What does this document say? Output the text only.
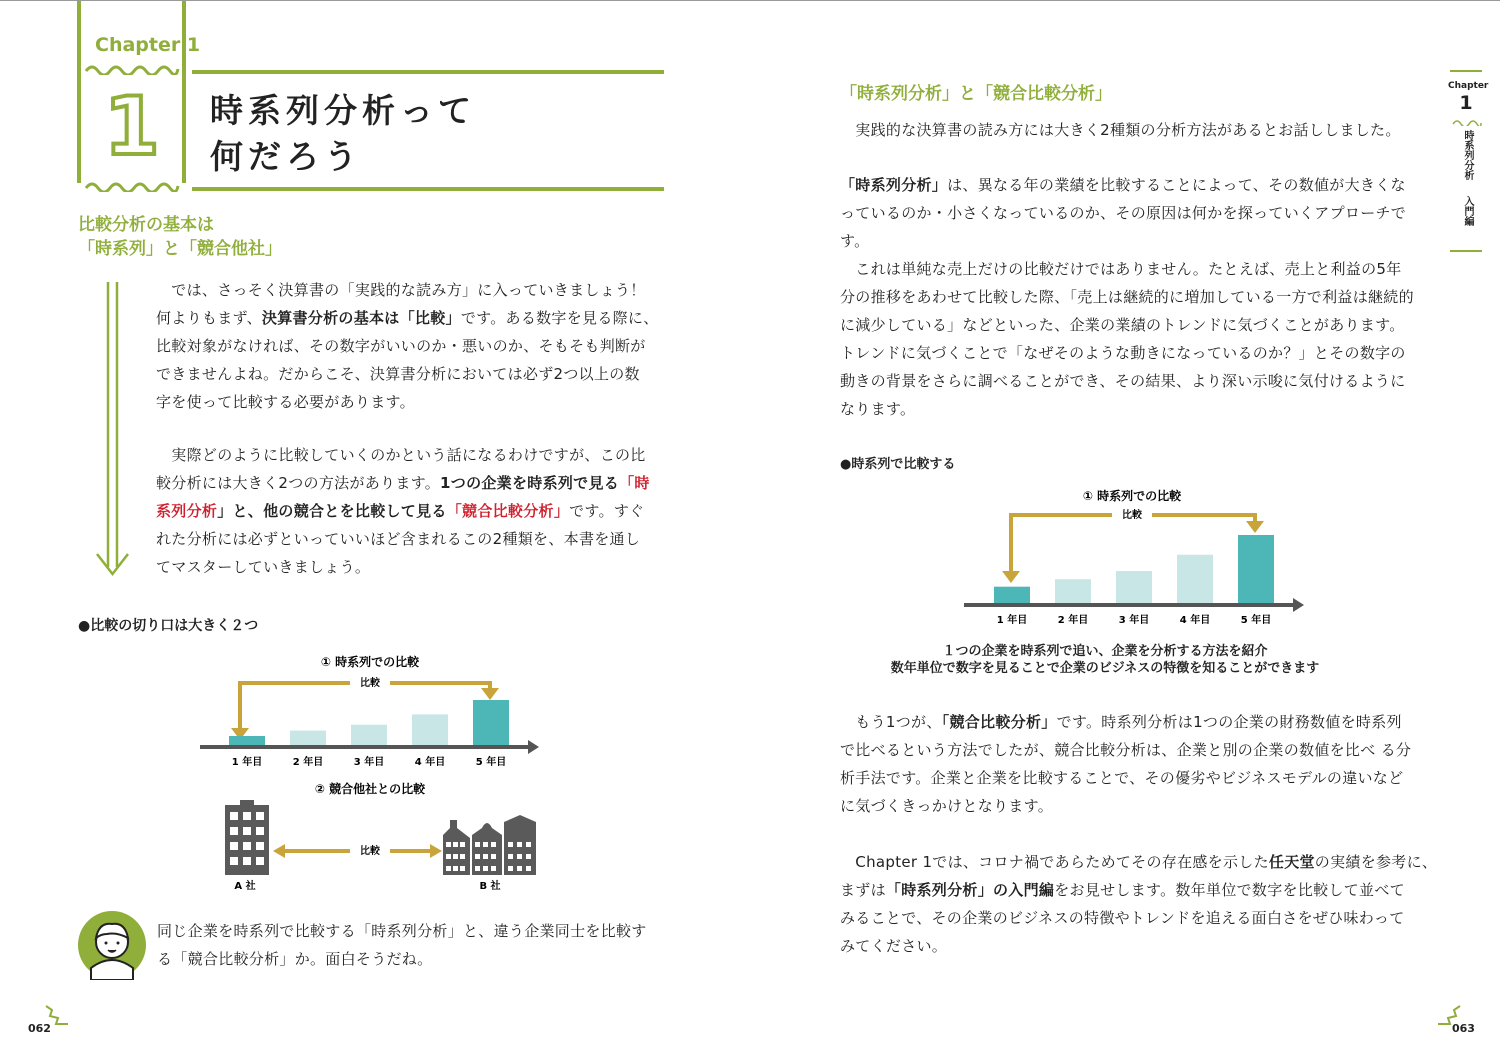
Chapter 1
1 時系列分析って
何だろう
比較分析の基本は
「時系列」と「競合他社」
　では、さっそく決算書の「実践的な読み方」に入っていきましょう！
何よりもまず、決算書分析の基本は「比較」です。ある数字を見る際に、
比較対象がなければ、その数字がいいのか・悪いのか、そもそも判断が
できませんよね。だからこそ、決算書分析においては必ず2つ以上の数
字を使って比較する必要があります。
　実際どのように比較していくのかという話になるわけですが、この比
較分析には大きく2つの方法があります。1つの企業を時系列で見る「時
系列分析」と、他の競合とを比較して見る「競合比較分析」です。すぐ
れた分析には必ずといっていいほど含まれるこの2種類を、本書を通し
てマスターしていきましょう。
●比較の切り口は大きく２つ
① 時系列での比較
比較
1 年目	2 年目	3 年目	4 年目	5 年目
② 競合他社との比較
比較
A 社	B 社
同じ企業を時系列で比較する「時系列分析」と、違う企業同士を比較す
る「競合比較分析」か。面白そうだね。
062
「時系列分析」と「競合比較分析」
　実践的な決算書の読み方には大きく2種類の分析方法があるとお話ししました。
「時系列分析」は、異なる年の業績を比較することによって、その数値が大きくな
っているのか・小さくなっているのか、その原因は何かを探っていくアプローチで
す。
　これは単純な売上だけの比較だけではありません。たとえば、売上と利益の5年
分の推移をあわせて比較した際、「売上は継続的に増加している一方で利益は継続的
に減少している」などといった、企業の業績のトレンドに気づくことがあります。
トレンドに気づくことで「なぜそのような動きになっているのか？」とその数字の
動きの背景をさらに調べることができ、その結果、より深い示唆に気付けるように
なります。
●時系列で比較する
① 時系列での比較
比較
1 年目	2 年目	3 年目	4 年目	5 年目
１つの企業を時系列で追い、企業を分析する方法を紹介
数年単位で数字を見ることで企業のビジネスの特徴を知ることができます
　もう1つが、「競合比較分析」です。時系列分析は1つの企業の財務数値を時系列
で比べるという方法でしたが、競合比較分析は、企業と別の企業の数値を比べ る分
析手法です。企業と企業を比較することで、その優劣やビジネスモデルの違いなど
に気づくきっかけとなります。
　Chapter 1では、コロナ禍であらためてその存在感を示した任天堂の実績を参考に、
まずは「時系列分析」の入門編をお見せします。数年単位で数字を比較して並べて
みることで、その企業のビジネスの特徴やトレンドを追える面白さをぜひ味わって
みてください。
Chapter
1
時系列分析
入門編
063
